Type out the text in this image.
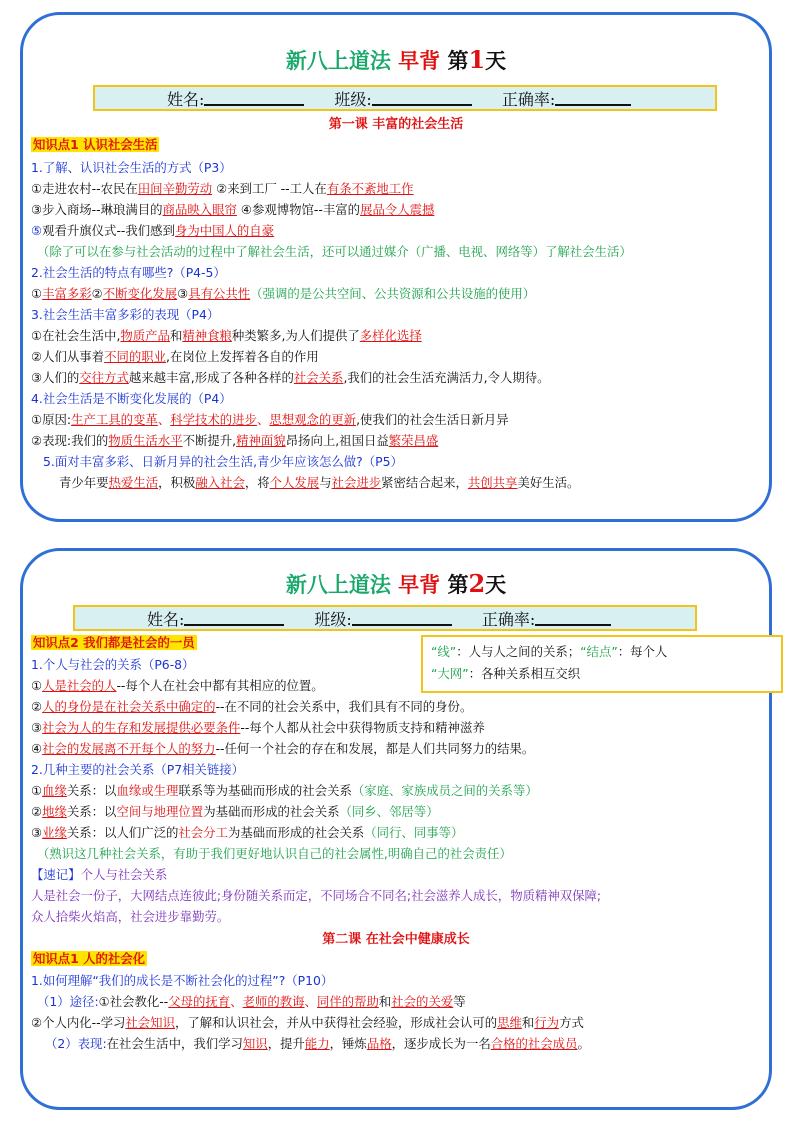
新八上道法 早背 第1天
姓名:	班级:	正确率:
第一课 丰富的社会生活
知识点1 认识社会生活
1.了解、认识社会生活的方式（P3）
①走进农村--农民在田间辛勤劳动 ②来到工厂 --工人在有条不紊地工作
③步入商场--琳琅满目的商品映入眼帘 ④参观博物馆--丰富的展品令人震撼
⑤观看升旗仪式--我们感到身为中国人的自豪
（除了可以在参与社会活动的过程中了解社会生活，还可以通过媒介（广播、电视、网络等）了解社会生活）
2.社会生活的特点有哪些?（P4-5）
①丰富多彩②不断变化发展③具有公共性（强调的是公共空间、公共资源和公共设施的使用）
3.社会生活丰富多彩的表现（P4）
①在社会生活中,物质产品和精神食粮种类繁多,为人们提供了多样化选择
②人们从事着不同的职业,在岗位上发挥着各自的作用
③人们的交往方式越来越丰富,形成了各种各样的社会关系,我们的社会生活充满活力,令人期待。
4.社会生活是不断变化发展的（P4）
①原因:生产工具的变革、科学技术的进步、思想观念的更新,使我们的社会生活日新月异
②表现:我们的物质生活水平不断提升,精神面貌昂扬向上,祖国日益繁荣昌盛
5.面对丰富多彩、日新月异的社会生活,青少年应该怎么做?（P5）
青少年要热爱生活，积极融入社会，将个人发展与社会进步紧密结合起来，共创共享美好生活。
新八上道法 早背 第2天
姓名:	班级:	正确率:
知识点2 我们都是社会的一员
“线”：人与人之间的关系；“结点”：每个人
“大网”：各种关系相互交织
1.个人与社会的关系（P6-8）
①人是社会的人--每个人在社会中都有其相应的位置。
②人的身份是在社会关系中确定的--在不同的社会关系中，我们具有不同的身份。
③社会为人的生存和发展提供必要条件--每个人都从社会中获得物质支持和精神滋养
④社会的发展离不开每个人的努力--任何一个社会的存在和发展，都是人们共同努力的结果。
2.几种主要的社会关系（P7相关链接）
①血缘关系：以血缘或生理联系等为基础而形成的社会关系（家庭、家族成员之间的关系等）
②地缘关系：以空间与地理位置为基础而形成的社会关系（同乡、邻居等）
③业缘关系：以人们广泛的社会分工为基础而形成的社会关系（同行、同事等）
（熟识这几种社会关系，有助于我们更好地认识自己的社会属性,明确自己的社会责任）
【速记】个人与社会关系
人是社会一份子，大网结点连彼此;身份随关系而定，不同场合不同名;社会滋养人成长，物质精神双保障;
众人拾柴火焰高，社会进步靠勤劳。
第二课 在社会中健康成长
知识点1 人的社会化
1.如何理解“我们的成长是不断社会化的过程”?（P10）
（1）途径:①社会教化--父母的抚育、老师的教诲、同伴的帮助和社会的关爱等
②个人内化--学习社会知识，了解和认识社会，并从中获得社会经验，形成社会认可的思维和行为方式
（2）表现:在社会生活中，我们学习知识，提升能力，锤炼品格，逐步成长为一名合格的社会成员。
